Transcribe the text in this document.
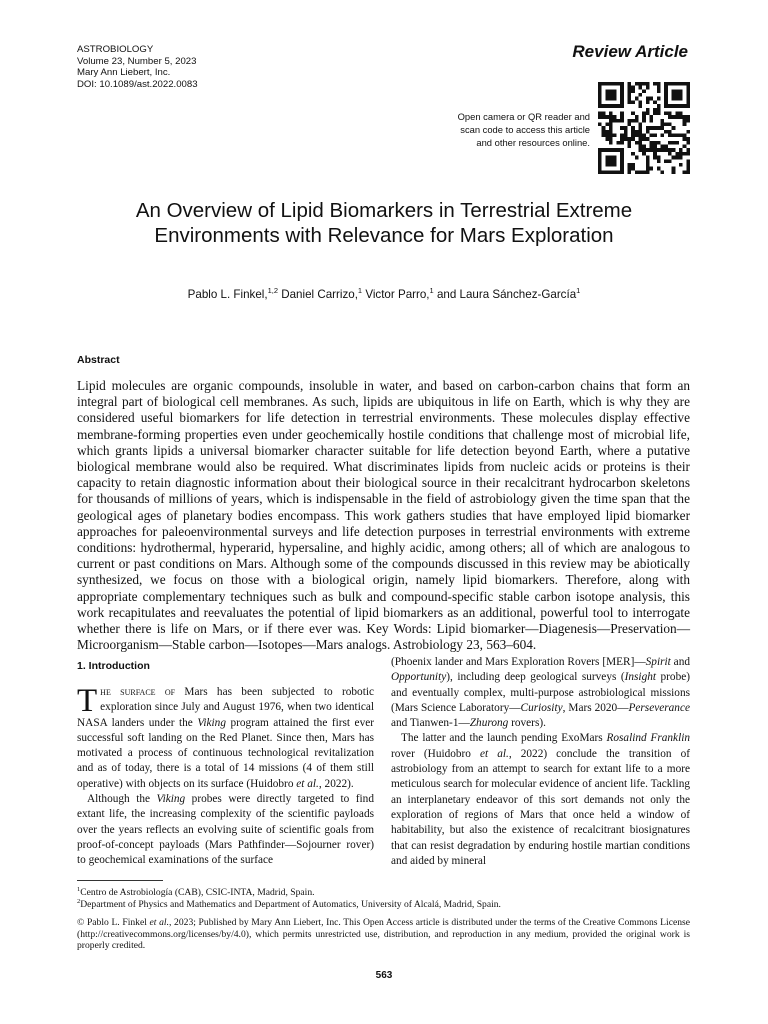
ASTROBIOLOGY
Volume 23, Number 5, 2023
Mary Ann Liebert, Inc.
DOI: 10.1089/ast.2022.0083
Review Article
Open camera or QR reader and
scan code to access this article
and other resources online.
An Overview of Lipid Biomarkers in Terrestrial Extreme
Environments with Relevance for Mars Exploration
Pablo L. Finkel,$^{1,2}$ Daniel Carrizo,$^1$ Victor Parro,$^1$ and Laura Sánchez-García$^1$
Abstract
Lipid molecules are organic compounds, insoluble in water, and based on carbon-carbon chains that form an integral part of biological cell membranes. As such, lipids are ubiquitous in life on Earth, which is why they are considered useful biomarkers for life detection in terrestrial environments. These molecules display effective membrane-forming properties even under geochemically hostile conditions that challenge most of microbial life, which grants lipids a universal biomarker character suitable for life detection beyond Earth, where a putative biological membrane would also be required. What discriminates lipids from nucleic acids or proteins is their capacity to retain diagnostic information about their biological source in their recalcitrant hydrocarbon skeletons for thousands of millions of years, which is indispensable in the field of astrobiology given the time span that the geological ages of planetary bodies encompass. This work gathers studies that have employed lipid biomarker approaches for paleoenvironmental surveys and life detection purposes in terrestrial environments with extreme conditions: hydrothermal, hyperarid, hypersaline, and highly acidic, among others; all of which are analogous to current or past conditions on Mars. Although some of the compounds discussed in this review may be abiotically synthesized, we focus on those with a biological origin, namely lipid biomarkers. Therefore, along with appropriate complementary techniques such as bulk and compound-specific stable carbon isotope analysis, this work recapitulates and reevaluates the potential of lipid biomarkers as an additional, powerful tool to interrogate whether there is life on Mars, or if there ever was. Key Words: Lipid biomarker—Diagenesis—Preservation—Microorganism—Stable carbon—Isotopes—Mars analogs. Astrobiology 23, 563–604.
1. Introduction

The surface of Mars has been subjected to robotic exploration since July and August 1976, when two identical NASA landers under the Viking program attained the first ever successful soft landing on the Red Planet. Since then, Mars has motivated a process of continuous technological revitalization and as of today, there is a total of 14 missions (4 of them still operative) with objects on its surface (Huidobro et al., 2022).

Although the Viking probes were directly targeted to find extant life, the increasing complexity of the scientific payloads over the years reflects an evolving suite of scientific goals from proof-of-concept payloads (Mars Pathfinder—Sojourner rover) to geochemical examinations of the surface

(Phoenix lander and Mars Exploration Rovers [MER]—Spirit and Opportunity), including deep geological surveys (Insight probe) and eventually complex, multi-purpose astrobiological missions (Mars Science Laboratory—Curiosity, Mars 2020—Perseverance and Tianwen-1—Zhurong rovers).

The latter and the launch pending ExoMars Rosalind Franklin rover (Huidobro et al., 2022) conclude the transition of astrobiology from an attempt to search for extant life to a more meticulous search for molecular evidence of ancient life. Tackling an interplanetary endeavor of this sort demands not only the exploration of regions of Mars that once held a window of habitability, but also the existence of recalcitrant biosignatures that can resist degradation by enduring hostile martian conditions and aided by mineral

$^1$Centro de Astrobiología (CAB), CSIC-INTA, Madrid, Spain.
$^2$Department of Physics and Mathematics and Department of Automatics, University of Alcalá, Madrid, Spain.
© Pablo L. Finkel et al., 2023; Published by Mary Ann Liebert, Inc. This Open Access article is distributed under the terms of the Creative Commons License (http://creativecommons.org/licenses/by/4.0), which permits unrestricted use, distribution, and reproduction in any medium, provided the original work is properly credited.
563
